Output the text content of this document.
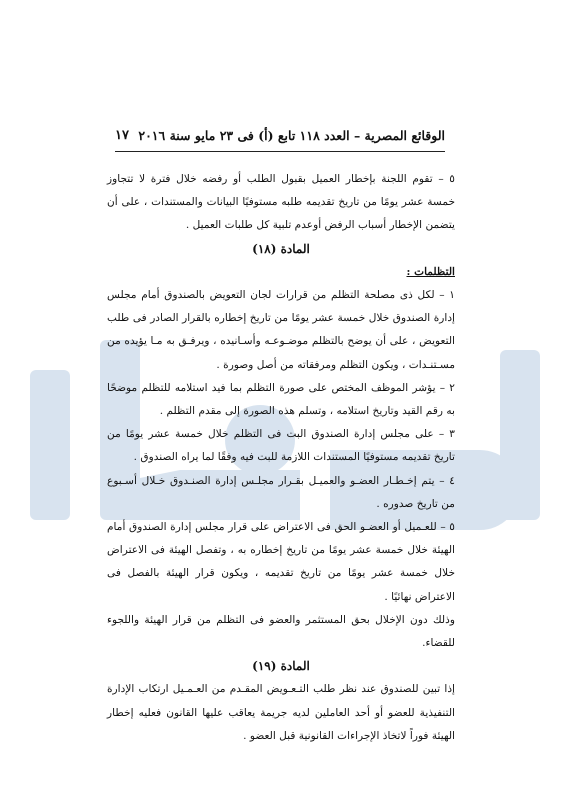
الوقائع المصرية – العدد ١١٨ تابع (أ) فى ٢٣ مايو سنة ٢٠١٦
١٧

٥ – تقوم اللجنة بإخطار العميل بقبول الطلب أو رفضه خلال فترة لا تتجاوز خمسة عشر يومًا من تاريخ تقديمه طلبه مستوفيًا البيانات والمستندات ، على أن يتضمن الإخطار أسباب الرفض أوعدم تلبية كل طلبات العميل .

المادة (١٨)

التظلمات :

١ – لكل ذى مصلحة التظلم من قرارات لجان التعويض بالصندوق أمام مجلس إدارة الصندوق خلال خمسة عشر يومًا من تاريخ إخطاره بالقرار الصادر فى طلب التعويض ، على أن يوضح بالتظلم موضـوعـه وأسـانيده ، ويرفـق به مـا يؤيده من مسـتنـدات ، ويكون التظلم ومرفقاته من أصل وصورة .

٢ – يؤشر الموظف المختص على صورة التظلم بما فيد استلامه للتظلم موضحًا به رقم القيد وتاريخ استلامه ، وتسلم هذه الصورة إلى مقدم التظلم .

٣ – على مجلس إدارة الصندوق البت فى التظلم خلال خمسة عشر يومًا من تاريخ تقديمه مستوفيًا المستندات اللازمة للبت فيه وفقًا لما يراه الصندوق .

٤ – يتم إخـطـار العضـو والعميـل بقـرار مجلـس إدارة الصنـدوق خـلال أسـبوع من تاريخ صدوره .

٥ – للعـميل أو العضـو الحق فى الاعتراض على قرار مجلس إدارة الصندوق أمام الهيئة خلال خمسة عشر يومًا من تاريخ إخطاره به ، وتفصل الهيئة فى الاعتراض خلال خمسة عشر يومًا من تاريخ تقديمه ، ويكون قرار الهيئة بالفصل فى الاعتراض نهائيًا .

وذلك دون الإخلال بحق المستثمر والعضو فى التظلم من قرار الهيئة واللجوء للقضاء.

المادة (١٩)

إذا تبين للصندوق عند نظر طلب التـعـويض المقـدم من العـمـيل ارتكاب الإدارة التنفيذية للعضو أو أحد العاملين لديه جريمة يعاقب عليها القانون فعليه إخطار الهيئة فوراً لاتخاذ الإجراءات القانونية قبل العضو .
